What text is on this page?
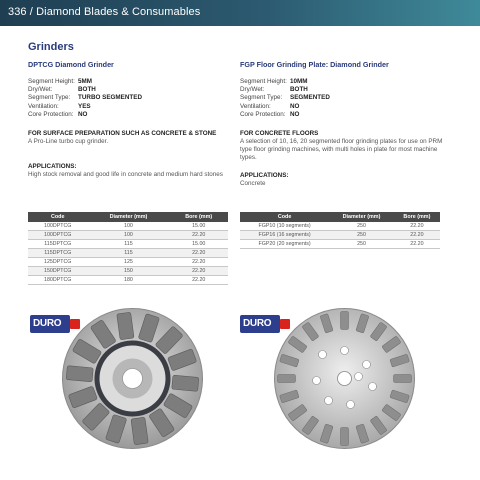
336 / Diamond Blades & Consumables
Grinders
DPTCG Diamond Grinder
Segment Height: 5MM
Dry/Wet:	BOTH
Segment Type:	TURBO SEGMENTED
Ventilation:	YES
Core Protection: NO
FOR SURFACE PREPARATION SUCH AS CONCRETE & STONE
A Pro-Line turbo cup grinder.
APPLICATIONS:
High stock removal and good life in concrete and medium hard stones
FGP Floor Grinding Plate: Diamond Grinder
Segment Height: 10MM
Dry/Wet:	BOTH
Segment Type:	SEGMENTED
Ventilation:	NO
Core Protection: NO
FOR CONCRETE FLOORS
A selection of 10, 16, 20 segmented floor grinding plates for use on PRM type floor grinding machines, with multi holes in plate for most machine types.
APPLICATIONS:
Concrete
Code	Diameter (mm)	Bore (mm)
100DPTCG	100	15.00
100DPTCG	100	22.20
115DPTCG	115	15.00
115DPTCG	115	22.20
125DPTCG	125	22.20
150DPTCG	150	22.20
180DPTCG	180	22.20
Code	Diameter (mm)	Bore (mm)
FGP10 (10 segments)	250	22.20
FGP16 (16 segments)	250	22.20
FGP20 (20 segments)	250	22.20
DURO	DURO
